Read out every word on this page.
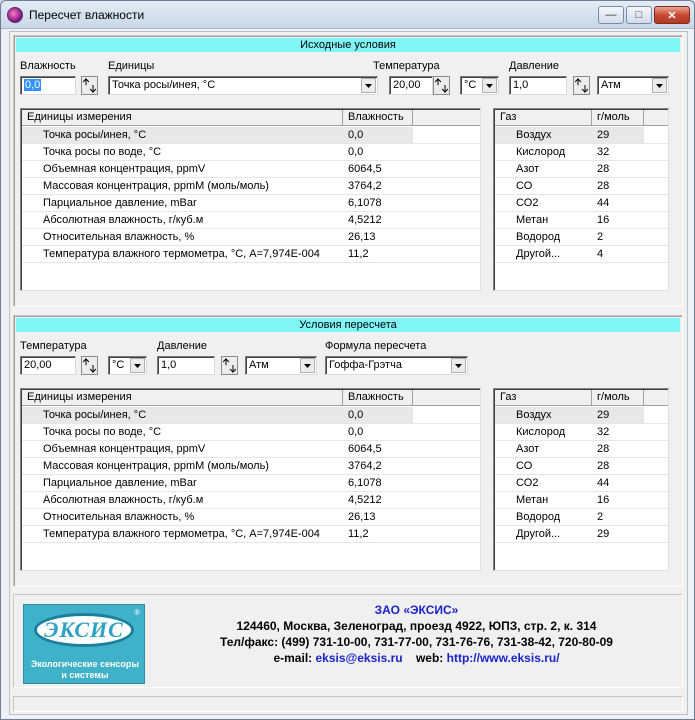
Пересчет влажности	—	□	✕
Исходные условия
Влажность
0,0
Единицы
Точка росы/инея, °С
Температура
20,00	°С
Давление
1,0	Атм
Единицы измерения	Влажность
Точка росы/инея, °С	0,0
Точка росы по воде, °С	0,0
Объемная концентрация, ppmV	6064,5
Массовая концентрация, ppmM (моль/моль)	3764,2
Парциальное давление, mBar	6,1078
Абсолютная влажность, г/куб.м	4,5212
Относительная влажность, %	26,13
Температура влажного термометра, °С, А=7,974Е-004	11,2
Газ	г/моль
Воздух	29
Кислород	32
Азот	28
СО	28
СО2	44
Метан	16
Водород	2
Другой...	4
Условия пересчета
Температура
20,00	°С
Давление
1,0	Атм
Формула пересчета
Гоффа-Грэтча
Единицы измерения	Влажность
Точка росы/инея, °С	0,0
Точка росы по воде, °С	0,0
Объемная концентрация, ppmV	6064,5
Массовая концентрация, ppmM (моль/моль)	3764,2
Парциальное давление, mBar	6,1078
Абсолютная влажность, г/куб.м	4,5212
Относительная влажность, %	26,13
Температура влажного термометра, °С, А=7,974Е-004	11,2
Газ	г/моль
Воздух	29
Кислород	32
Азот	28
СО	28
СО2	44
Метан	16
Водород	2
Другой...	29
ЭКСИС
®
Экологические сенсоры и системы
ЗАО «ЭКСИС»
124460, Москва, Зеленоград, проезд 4922, ЮПЗ, стр. 2, к. 314
Тел/факс: (499) 731-10-00, 731-77-00, 731-76-76, 731-38-42, 720-80-09
e-mail: eksis@eksis.ru web: http://www.eksis.ru/
